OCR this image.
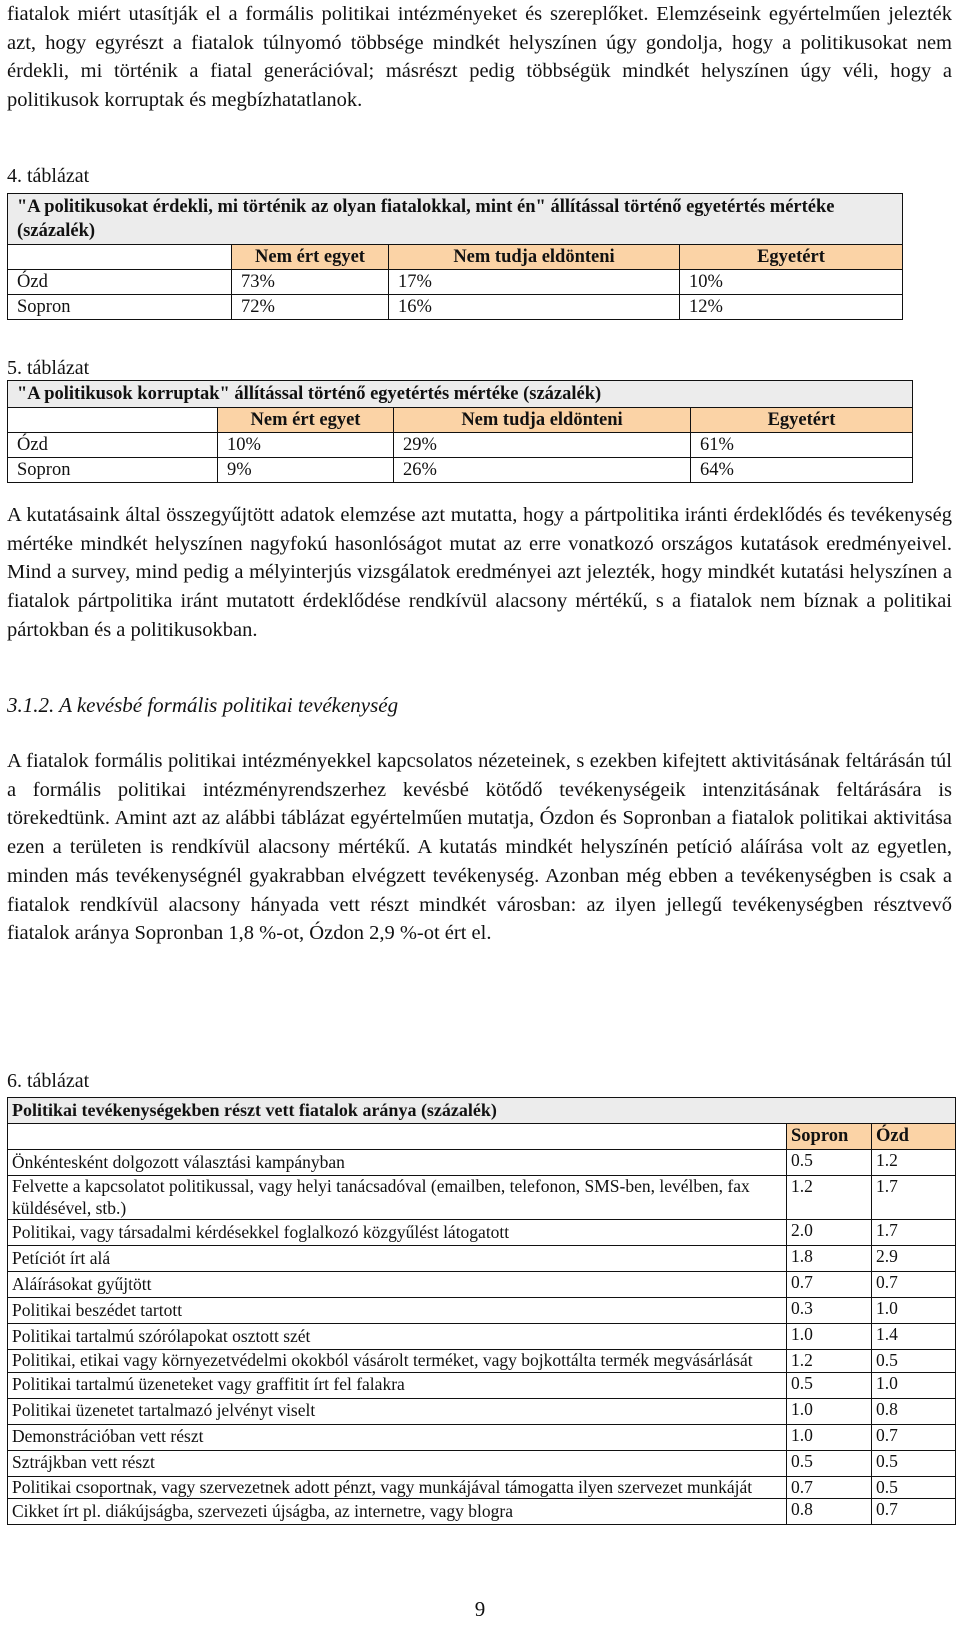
fiatalok miért utasítják el a formális politikai intézményeket és szereplőket. Elemzéseink egyértelműen jelezték azt, hogy egyrészt a fiatalok túlnyomó többsége mindkét helyszínen úgy gondolja, hogy a politikusokat nem érdekli, mi történik a fiatal generációval; másrészt pedig többségük mindkét helyszínen úgy véli, hogy a politikusok korruptak és megbízhatatlanok.

4. táblázat

"A politikusokat érdekli, mi történik az olyan fiatalokkal, mint én" állítással történő egyetértés mértéke (százalék)			
	Nem ért egyet	Nem tudja eldönteni	Egyetért
Ózd	73%	17%	10%
Sopron	72%	16%	12%

5. táblázat

"A politikusok korruptak" állítással történő egyetértés mértéke (százalék)			
	Nem ért egyet	Nem tudja eldönteni	Egyetért
Ózd	10%	29%	61%
Sopron	9%	26%	64%

A kutatásaink által összegyűjtött adatok elemzése azt mutatta, hogy a pártpolitika iránti érdeklődés és tevékenység mértéke mindkét helyszínen nagyfokú hasonlóságot mutat az erre vonatkozó országos kutatások eredményeivel. Mind a survey, mind pedig a mélyinterjús vizsgálatok eredményei azt jelezték, hogy mindkét kutatási helyszínen a fiatalok pártpolitika iránt mutatott érdeklődése rendkívül alacsony mértékű, s a fiatalok nem bíznak a politikai pártokban és a politikusokban.

3.1.2. A kevésbé formális politikai tevékenység

A fiatalok formális politikai intézményekkel kapcsolatos nézeteinek, s ezekben kifejtett aktivitásának feltárásán túl a formális politikai intézményrendszerhez kevésbé kötődő tevékenységeik intenzitásának feltárására is törekedtünk. Amint azt az alábbi táblázat egyértelműen mutatja, Ózdon és Sopronban a fiatalok politikai aktivitása ezen a területen is rendkívül alacsony mértékű. A kutatás mindkét helyszínén petíció aláírása volt az egyetlen, minden más tevékenységnél gyakrabban elvégzett tevékenység. Azonban még ebben a tevékenységben is csak a fiatalok rendkívül alacsony hányada vett részt mindkét városban: az ilyen jellegű tevékenységben résztvevő fiatalok aránya Sopronban 1,8 %-ot, Ózdon 2,9 %-ot ért el.

6. táblázat

Politikai tevékenységekben részt vett fiatalok aránya (százalék)		
	Sopron	Ózd
Önkéntesként dolgozott választási kampányban	0.5	1.2
Felvette a kapcsolatot politikussal, vagy helyi tanácsadóval (emailben, telefonon, SMS-ben, levélben, fax küldésével, stb.)	1.2	1.7
Politikai, vagy társadalmi kérdésekkel foglalkozó közgyűlést látogatott	2.0	1.7
Petíciót írt alá	1.8	2.9
Aláírásokat gyűjtött	0.7	0.7
Politikai beszédet tartott	0.3	1.0
Politikai tartalmú szórólapokat osztott szét	1.0	1.4
Politikai, etikai vagy környezetvédelmi okokból vásárolt terméket, vagy bojkottálta termék megvásárlását	1.2	0.5
Politikai tartalmú üzeneteket vagy graffitit írt fel falakra	0.5	1.0
Politikai üzenetet tartalmazó jelvényt viselt	1.0	0.8
Demonstrációban vett részt	1.0	0.7
Sztrájkban vett részt	0.5	0.5
Politikai csoportnak, vagy szervezetnek adott pénzt, vagy munkájával támogatta ilyen szervezet munkáját	0.7	0.5
Cikket írt pl. diákújságba, szervezeti újságba, az internetre, vagy blogra	0.8	0.7
9
